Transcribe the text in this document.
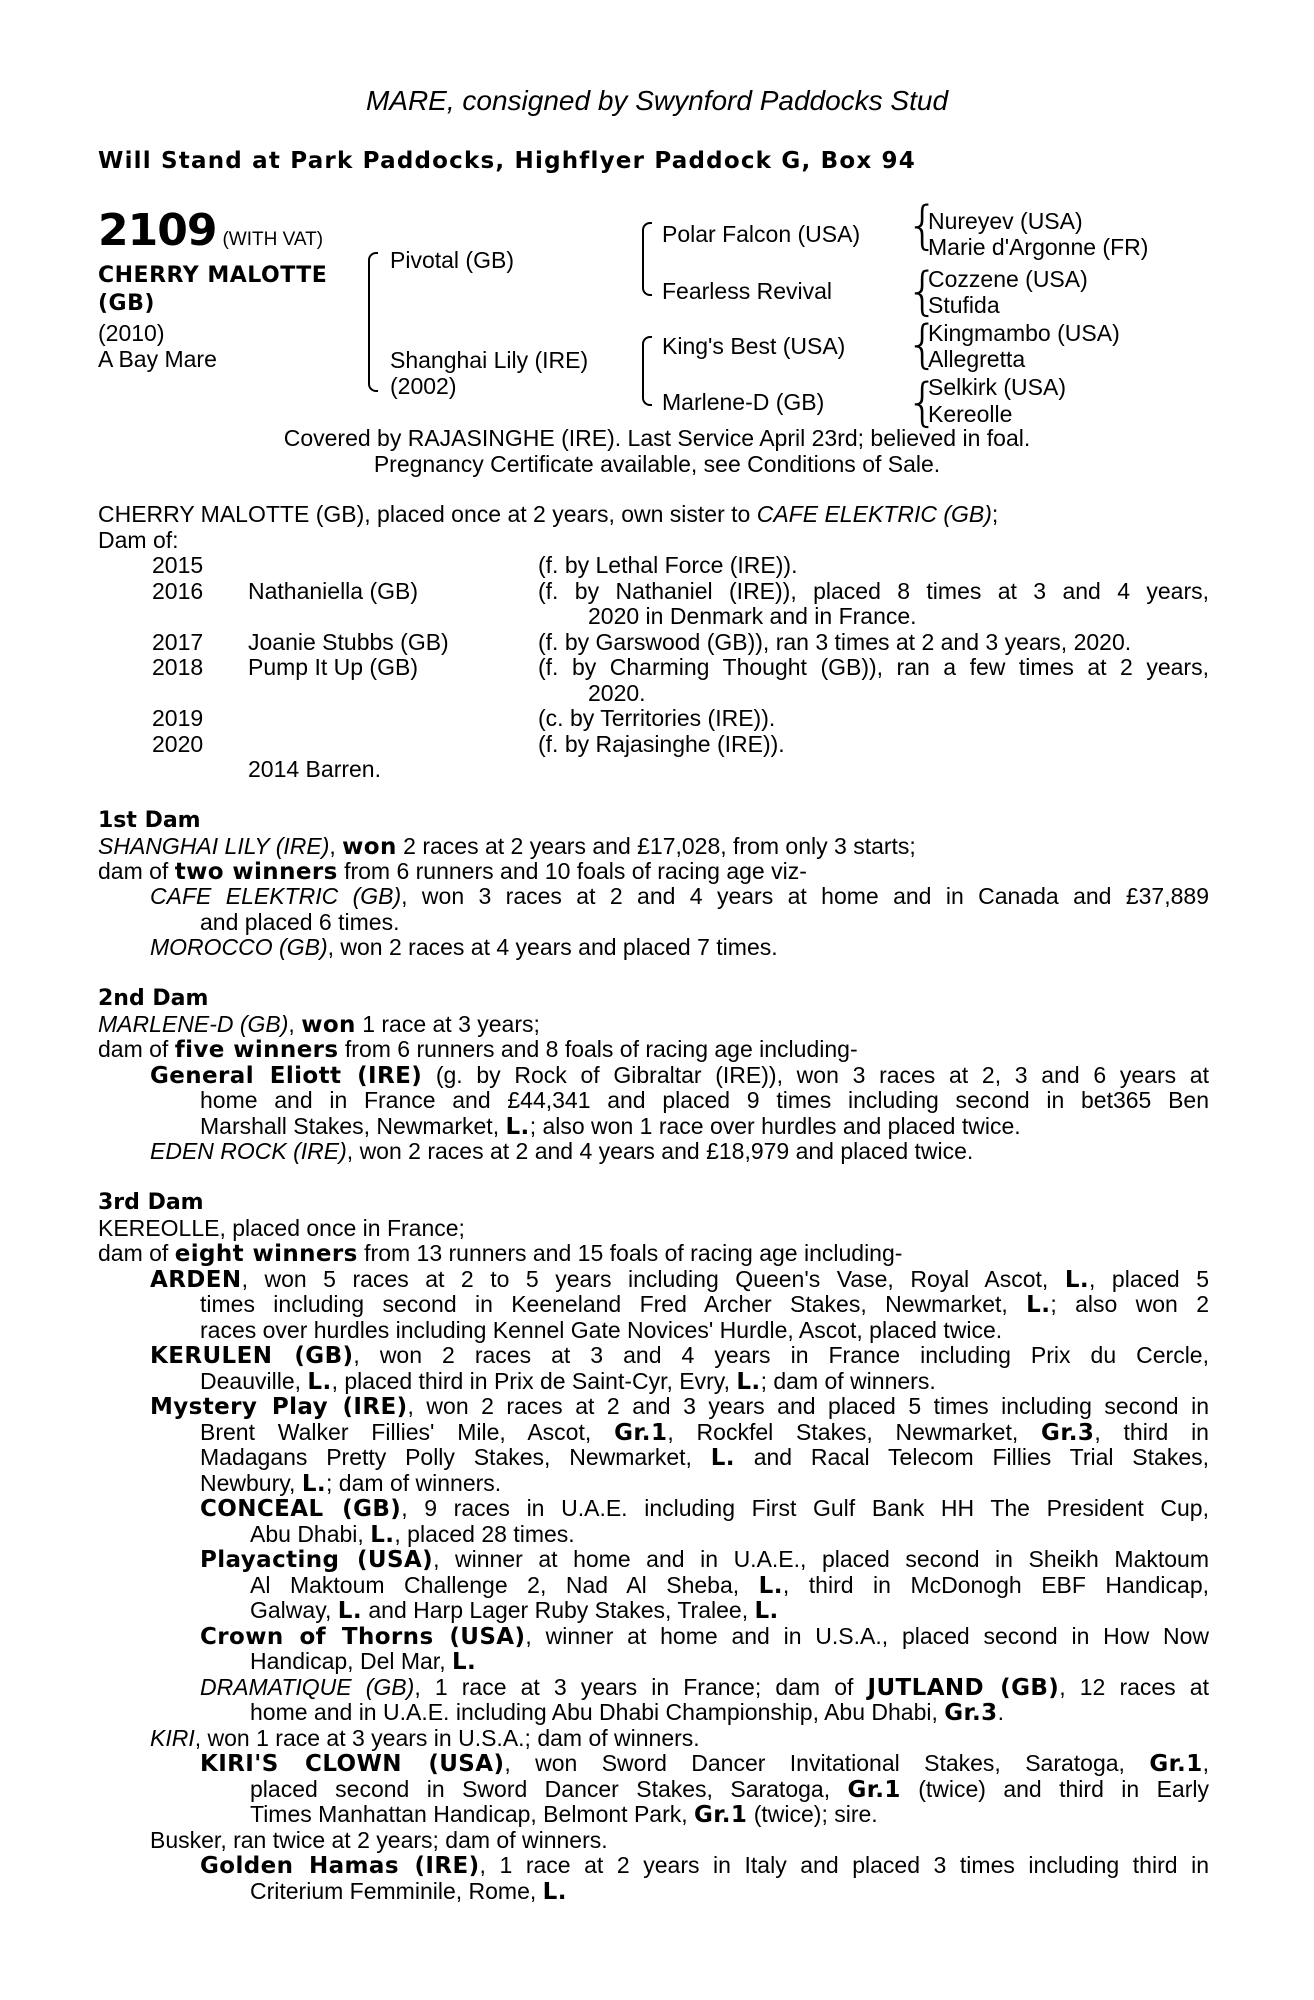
MARE, consigned by Swynford Paddocks Stud
Will Stand at Park Paddocks, Highflyer Paddock G, Box 94
2109 (WITH VAT)
CHERRY MALOTTE
(GB)
(2010)
A Bay Mare
Pivotal (GB)
Shanghai Lily (IRE)
(2002)
Polar Falcon (USA)
Fearless Revival
King's Best (USA)
Marlene-D (GB)
{
{
{
{
Nureyev (USA)
Marie d'Argonne (FR)
Cozzene (USA)
Stufida
Kingmambo (USA)
Allegretta
Selkirk (USA)
Kereolle
Covered by RAJASINGHE (IRE). Last Service April 23rd; believed in foal.
Pregnancy Certificate available, see Conditions of Sale.
CHERRY MALOTTE (GB), placed once at 2 years, own sister to CAFE ELEKTRIC (GB);
Dam of:
2015	(f. by Lethal Force (IRE)).
2016 Nathaniella (GB)	(f. by Nathaniel (IRE)), placed 8 times at 3 and 4 years,
2020 in Denmark and in France.
2017 Joanie Stubbs (GB)	(f. by Garswood (GB)), ran 3 times at 2 and 3 years, 2020.
2018 Pump It Up (GB)	(f. by Charming Thought (GB)), ran a few times at 2 years,
2020.
2019	(c. by Territories (IRE)).
2020	(f. by Rajasinghe (IRE)).
2014 Barren.
1st Dam
SHANGHAI LILY (IRE), won 2 races at 2 years and £17,028, from only 3 starts;
dam of two winners from 6 runners and 10 foals of racing age viz-
CAFE ELEKTRIC (GB), won 3 races at 2 and 4 years at home and in Canada and £37,889
and placed 6 times.
MOROCCO (GB), won 2 races at 4 years and placed 7 times.
2nd Dam
MARLENE-D (GB), won 1 race at 3 years;
dam of five winners from 6 runners and 8 foals of racing age including-
General Eliott (IRE) (g. by Rock of Gibraltar (IRE)), won 3 races at 2, 3 and 6 years at
home and in France and £44,341 and placed 9 times including second in bet365 Ben
Marshall Stakes, Newmarket, L.; also won 1 race over hurdles and placed twice.
EDEN ROCK (IRE), won 2 races at 2 and 4 years and £18,979 and placed twice.
3rd Dam
KEREOLLE, placed once in France;
dam of eight winners from 13 runners and 15 foals of racing age including-
ARDEN, won 5 races at 2 to 5 years including Queen's Vase, Royal Ascot, L., placed 5
times including second in Keeneland Fred Archer Stakes, Newmarket, L.; also won 2
races over hurdles including Kennel Gate Novices' Hurdle, Ascot, placed twice.
KERULEN (GB), won 2 races at 3 and 4 years in France including Prix du Cercle,
Deauville, L., placed third in Prix de Saint-Cyr, Evry, L.; dam of winners.
Mystery Play (IRE), won 2 races at 2 and 3 years and placed 5 times including second in
Brent Walker Fillies' Mile, Ascot, Gr.1, Rockfel Stakes, Newmarket, Gr.3, third in
Madagans Pretty Polly Stakes, Newmarket, L. and Racal Telecom Fillies Trial Stakes,
Newbury, L.; dam of winners.
CONCEAL (GB), 9 races in U.A.E. including First Gulf Bank HH The President Cup,
Abu Dhabi, L., placed 28 times.
Playacting (USA), winner at home and in U.A.E., placed second in Sheikh Maktoum
Al Maktoum Challenge 2, Nad Al Sheba, L., third in McDonogh EBF Handicap,
Galway, L. and Harp Lager Ruby Stakes, Tralee, L.
Crown of Thorns (USA), winner at home and in U.S.A., placed second in How Now
Handicap, Del Mar, L.
DRAMATIQUE (GB), 1 race at 3 years in France; dam of JUTLAND (GB), 12 races at
home and in U.A.E. including Abu Dhabi Championship, Abu Dhabi, Gr.3.
KIRI, won 1 race at 3 years in U.S.A.; dam of winners.
KIRI'S CLOWN (USA), won Sword Dancer Invitational Stakes, Saratoga, Gr.1,
placed second in Sword Dancer Stakes, Saratoga, Gr.1 (twice) and third in Early
Times Manhattan Handicap, Belmont Park, Gr.1 (twice); sire.
Busker, ran twice at 2 years; dam of winners.
Golden Hamas (IRE), 1 race at 2 years in Italy and placed 3 times including third in
Criterium Femminile, Rome, L.
